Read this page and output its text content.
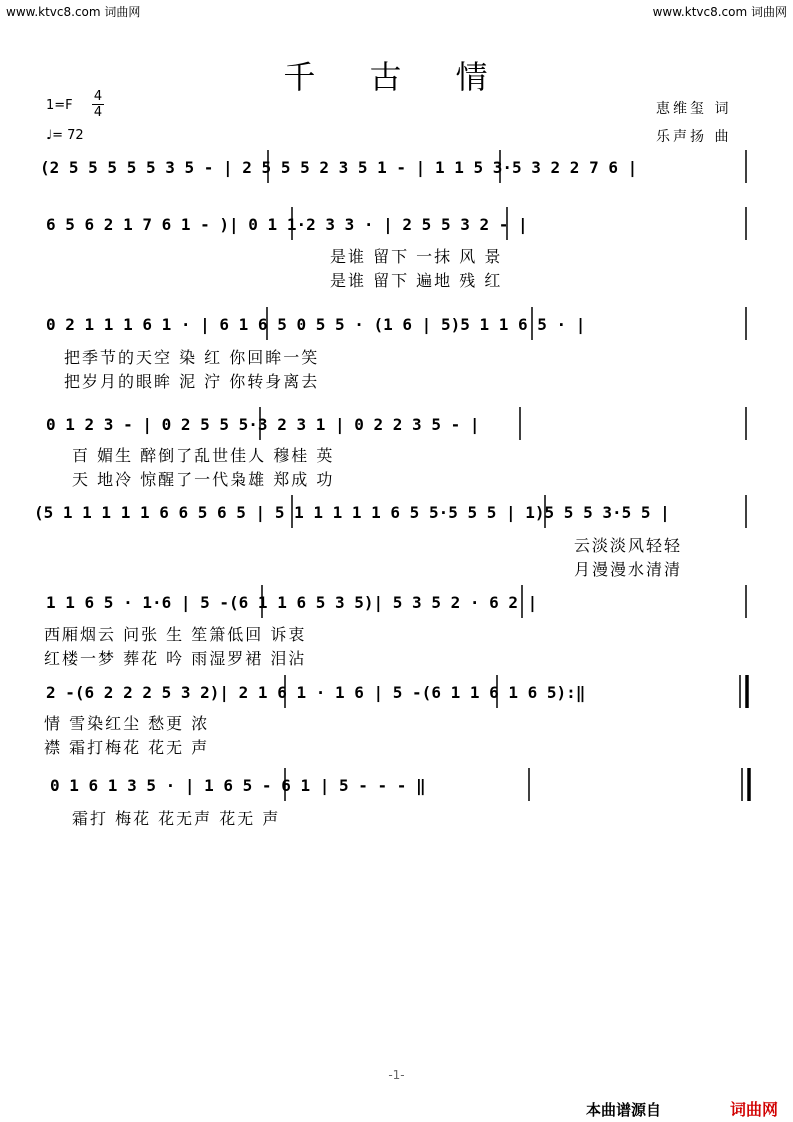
www.ktvc8.com 词曲网	www.ktvc8.com 词曲网
千 古 情
1=F
4
4
♩= 72
恵维玺 词
乐声扬 曲
(2 5 5 5 5 5 3 5 - | 2 5 5 5 2 3 5 1 - | 1 1 5 3·5 3 2 2 7 6 |
6 5 6 2 1 7 6 1 - )| 0 1 1·2 3 3 · | 2 5 5 3 2 - |
是谁 留下 一抹 风 景
是谁 留下 遍地 残 红
0 2 1 1 1 6 1 · | 6 1 6 5 0 5 5 · (1 6 | 5)5 1 1 6 5 · |
把季节的天空 染 红 你回眸一笑
把岁月的眼眸 泥 泞 你转身离去
0 1 2 3 - | 0 2 5 5 5·3 2 3 1 | 0 2 2 3 5 - |
百 媚生 醉倒了乱世佳人 穆桂 英
天 地冷 惊醒了一代枭雄 郑成 功
(5 1 1 1 1 1 6 6 5 6 5 | 5 1 1 1 1 1 6 5 5·5 5 5 | 1)5 5 5 3·5 5 |
云淡淡风轻轻
月漫漫水清清
1 1 6 5 · 1·6 | 5 -(6 1 1 6 5 3 5)| 5 3 5 2 · 6 2 |
西厢烟云 问张 生 笙箫低回 诉衷
红楼一梦 葬花 吟 雨湿罗裙 泪沾
2 -(6 2 2 2 5 3 2)| 2 1 6 1 · 1 6 | 5 -(6 1 1 6 1 6 5):‖
情 雪染红尘 愁更 浓
襟 霜打梅花 花无 声
0 1 6 1 3 5 · | 1 6 5 - 6 1 | 5 - - - ‖
霜打 梅花 花无声 花无 声
-1-
本曲谱源自	词曲网
